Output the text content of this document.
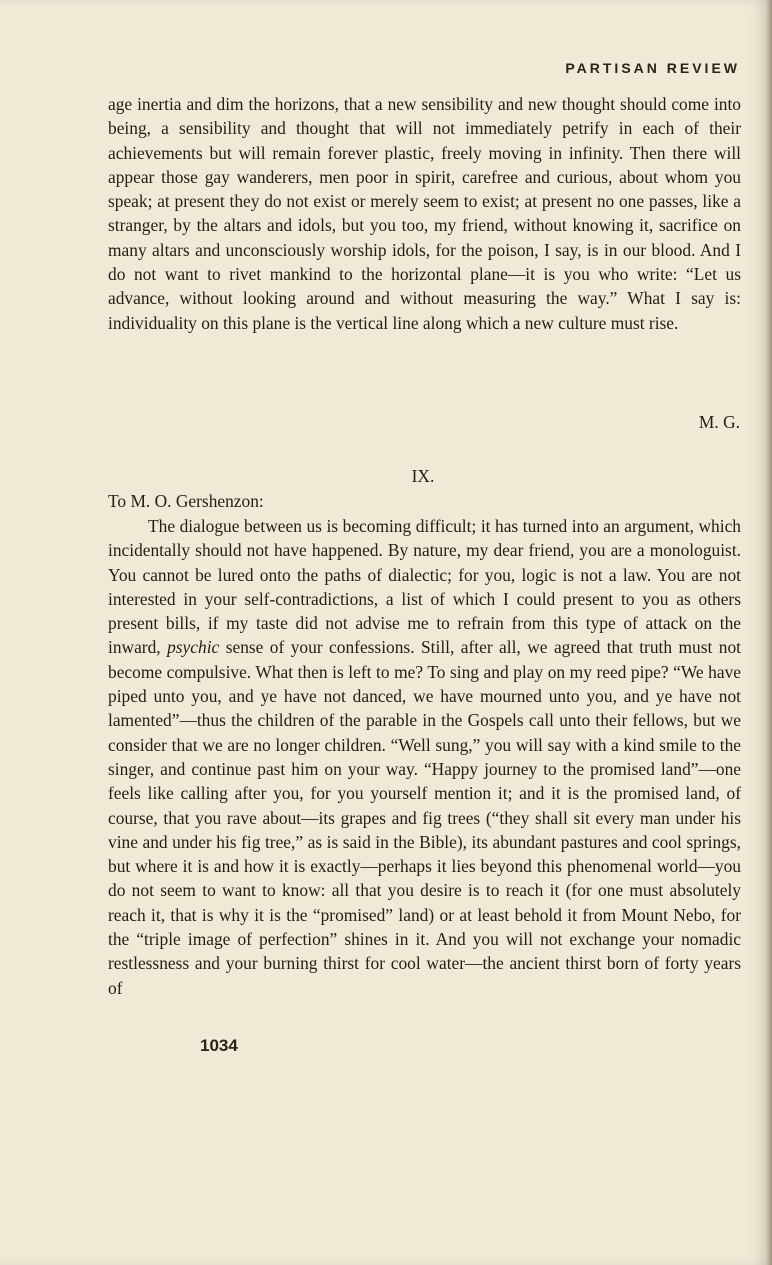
PARTISAN REVIEW
age inertia and dim the horizons, that a new sensibility and new thought should come into being, a sensibility and thought that will not immediately petrify in each of their achievements but will remain forever plastic, freely moving in infinity. Then there will appear those gay wanderers, men poor in spirit, carefree and curious, about whom you speak; at present they do not exist or merely seem to exist; at present no one passes, like a stranger, by the altars and idols, but you too, my friend, without knowing it, sacrifice on many altars and unconsciously worship idols, for the poison, I say, is in our blood. And I do not want to rivet mankind to the horizontal plane—it is you who write: “Let us advance, without looking around and without measuring the way.” What I say is: individuality on this plane is the vertical line along which a new culture must rise.
M. G.
IX.
To M. O. Gershenzon:
The dialogue between us is becoming difficult; it has turned into an argument, which incidentally should not have happened. By nature, my dear friend, you are a monologuist. You cannot be lured onto the paths of dialectic; for you, logic is not a law. You are not interested in your self-contradictions, a list of which I could present to you as others present bills, if my taste did not advise me to refrain from this type of attack on the inward, psychic sense of your confessions. Still, after all, we agreed that truth must not become compulsive. What then is left to me? To sing and play on my reed pipe? “We have piped unto you, and ye have not danced, we have mourned unto you, and ye have not lamented”—thus the children of the parable in the Gospels call unto their fellows, but we consider that we are no longer children. “Well sung,” you will say with a kind smile to the singer, and continue past him on your way. “Happy journey to the promised land”—one feels like calling after you, for you yourself mention it; and it is the promised land, of course, that you rave about—its grapes and fig trees (“they shall sit every man under his vine and under his fig tree,” as is said in the Bible), its abundant pastures and cool springs, but where it is and how it is exactly—perhaps it lies beyond this phenomenal world—you do not seem to want to know: all that you desire is to reach it (for one must absolutely reach it, that is why it is the “promised” land) or at least behold it from Mount Nebo, for the “triple image of perfection” shines in it. And you will not exchange your nomadic restlessness and your burning thirst for cool water—the ancient thirst born of forty years of
1034
